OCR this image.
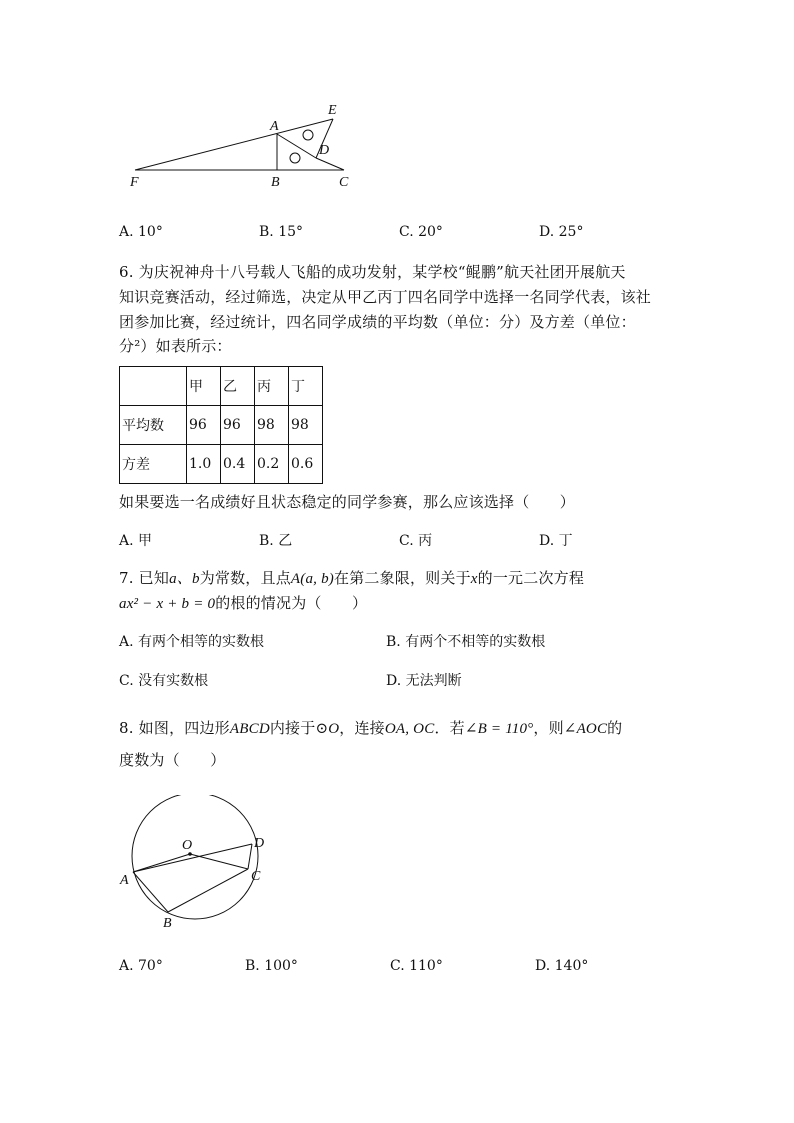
E
A
D
F	B	C
A. 10°	B. 15°	C. 20°	D. 25°
6. 为庆祝神舟十八号载人飞船的成功发射，某学校“鲲鹏”航天社团开展航天
知识竞赛活动，经过筛选，决定从甲乙丙丁四名同学中选择一名同学代表，该社
团参加比赛，经过统计，四名同学成绩的平均数（单位：分）及方差（单位：
分²）如表所示：
	甲	乙	丙	丁
平均数	96	96	98	98
方差	1.0	0.4	0.2	0.6
如果要选一名成绩好且状态稳定的同学参赛，那么应该选择（　　）
A. 甲	B. 乙	C. 丙	D. 丁
7. 已知a、b为常数，且点A(a, b)在第二象限，则关于x的一元二次方程
ax² − x + b = 0的根的情况为（　　）
A. 有两个相等的实数根	B. 有两个不相等的实数根
C. 没有实数根	D. 无法判断
8. 如图，四边形ABCD内接于⊙O，连接OA, OC．若∠B = 110°，则∠AOC的
度数为（　　）
O	D
A	C
B
A. 70°	B. 100°	C. 110°	D. 140°
